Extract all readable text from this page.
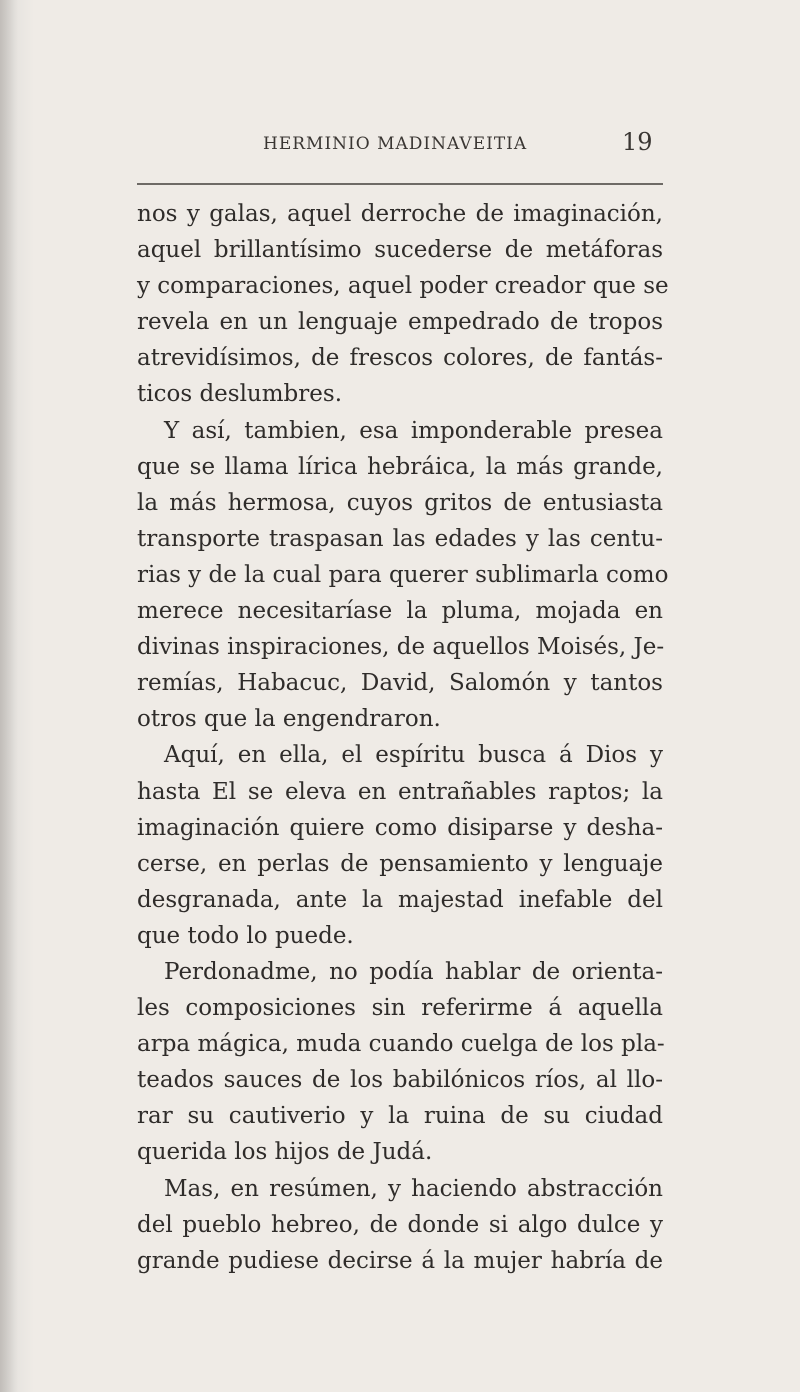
HERMINIO MADINAVEITIA	19
nos y galas, aquel derroche de imaginación,
aquel brillantísimo sucederse de metáforas
y comparaciones, aquel poder creador que se
revela en un lenguaje empedrado de tropos
atrevidísimos, de frescos colores, de fantás-
ticos deslumbres.
Y así, tambien, esa imponderable presea
que se llama lírica hebráica, la más grande,
la más hermosa, cuyos gritos de entusiasta
transporte traspasan las edades y las centu-
rias y de la cual para querer sublimarla como
merece necesitaríase la pluma, mojada en
divinas inspiraciones, de aquellos Moisés, Je-
remías, Habacuc, David, Salomón y tantos
otros que la engendraron.
Aquí, en ella, el espíritu busca á Dios y
hasta El se eleva en entrañables raptos; la
imaginación quiere como disiparse y desha-
cerse, en perlas de pensamiento y lenguaje
desgranada, ante la majestad inefable del
que todo lo puede.
Perdonadme, no podía hablar de orienta-
les composiciones sin referirme á aquella
arpa mágica, muda cuando cuelga de los pla-
teados sauces de los babilónicos ríos, al llo-
rar su cautiverio y la ruina de su ciudad
querida los hijos de Judá.
Mas, en resúmen, y haciendo abstracción
del pueblo hebreo, de donde si algo dulce y
grande pudiese decirse á la mujer habría de
